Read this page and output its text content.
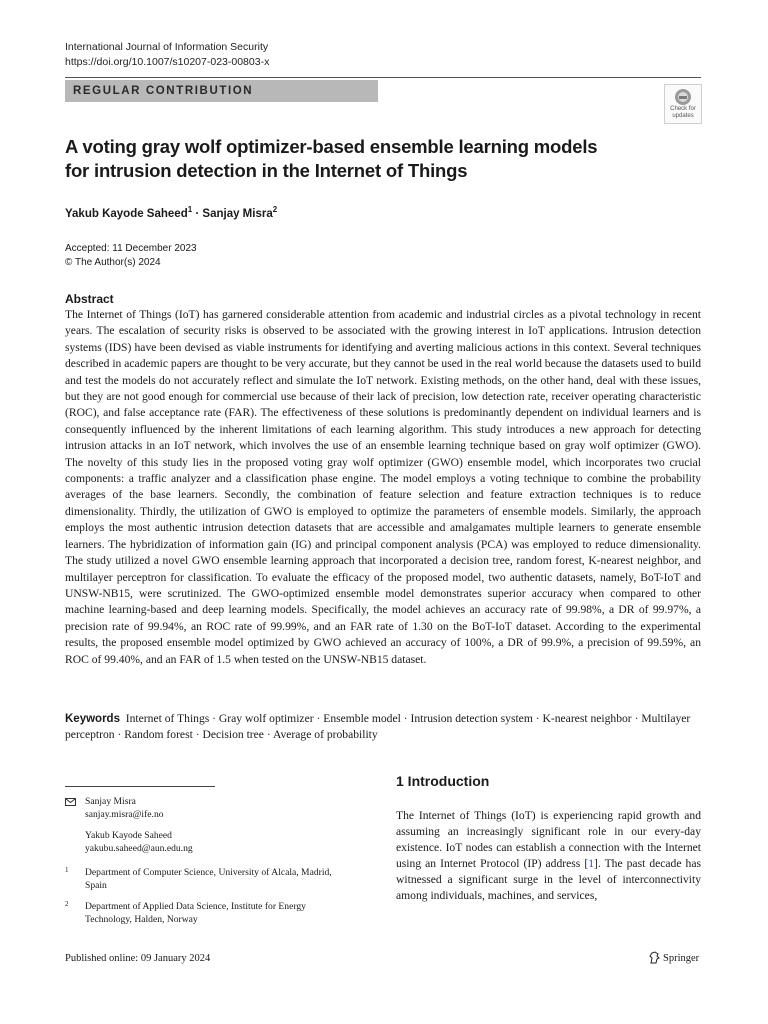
International Journal of Information Security
https://doi.org/10.1007/s10207-023-00803-x
REGULAR CONTRIBUTION
Check for
updates
A voting gray wolf optimizer-based ensemble learning models
for intrusion detection in the Internet of Things
Yakub Kayode Saheed$^1$ · Sanjay Misra$^2$
Accepted: 11 December 2023
© The Author(s) 2024
Abstract

The Internet of Things (IoT) has garnered considerable attention from academic and industrial circles as a pivotal technology in recent years. The escalation of security risks is observed to be associated with the growing interest in IoT applications. Intrusion detection systems (IDS) have been devised as viable instruments for identifying and averting malicious actions in this context. Several techniques described in academic papers are thought to be very accurate, but they cannot be used in the real world because the datasets used to build and test the models do not accurately reflect and simulate the IoT network. Existing methods, on the other hand, deal with these issues, but they are not good enough for commercial use because of their lack of precision, low detection rate, receiver operating characteristic (ROC), and false acceptance rate (FAR). The effectiveness of these solutions is predominantly dependent on individual learners and is consequently influenced by the inherent limitations of each learning algorithm. This study introduces a new approach for detecting intrusion attacks in an IoT network, which involves the use of an ensemble learning technique based on gray wolf optimizer (GWO). The novelty of this study lies in the proposed voting gray wolf optimizer (GWO) ensemble model, which incorporates two crucial components: a traffic analyzer and a classification phase engine. The model employs a voting technique to combine the probability averages of the base learners. Secondly, the combination of feature selection and feature extraction techniques is to reduce dimensionality. Thirdly, the utilization of GWO is employed to optimize the parameters of ensemble models. Similarly, the approach employs the most authentic intrusion detection datasets that are accessible and amalgamates multiple learners to generate ensemble learners. The hybridization of information gain (IG) and principal component analysis (PCA) was employed to reduce dimensionality. The study utilized a novel GWO ensemble learning approach that incorporated a decision tree, random forest, K-nearest neighbor, and multilayer perceptron for classification. To evaluate the efficacy of the proposed model, two authentic datasets, namely, BoT-IoT and UNSW-NB15, were scrutinized. The GWO-optimized ensemble model demonstrates superior accuracy when compared to other machine learning-based and deep learning models. Specifically, the model achieves an accuracy rate of 99.98%, a DR of 99.97%, a precision rate of 99.94%, an ROC rate of 99.99%, and an FAR rate of 1.30 on the BoT-IoT dataset. According to the experimental results, the proposed ensemble model optimized by GWO achieved an accuracy of 100%, a DR of 99.9%, a precision of 99.59%, an ROC of 99.40%, and an FAR of 1.5 when tested on the UNSW-NB15 dataset.

Keywords Internet of Things · Gray wolf optimizer · Ensemble model · Intrusion detection system · K-nearest neighbor · Multilayer perceptron · Random forest · Decision tree · Average of probability
Sanjay Misra
sanjay.misra@ife.no
Yakub Kayode Saheed
yakubu.saheed@aun.edu.ng
1 Department of Computer Science, University of Alcala, Madrid, Spain
2 Department of Applied Data Science, Institute for Energy Technology, Halden, Norway
1 Introduction

The Internet of Things (IoT) is experiencing rapid growth and assuming an increasingly significant role in our every-day existence. IoT nodes can establish a connection with the Internet using an Internet Protocol (IP) address [1]. The past decade has witnessed a significant surge in the level of interconnectivity among individuals, machines, and services,

Published online: 09 January 2024	Springer
